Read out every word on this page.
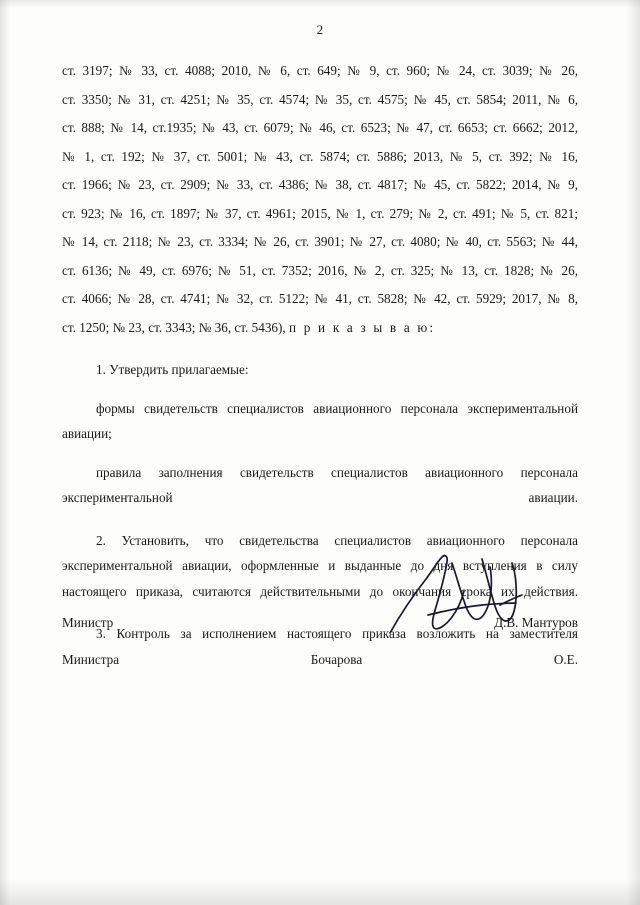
2

ст. 3197; № 33, ст. 4088; 2010, № 6, ст. 649; № 9, ст. 960; № 24, ст. 3039; № 26,

ст. 3350; № 31, ст. 4251; № 35, ст. 4574; № 35, ст. 4575; № 45, ст. 5854; 2011, № 6,

ст. 888; № 14, ст.1935; № 43, ст. 6079; № 46, ст. 6523; № 47, ст. 6653; ст. 6662; 2012,

№ 1, ст. 192; № 37, ст. 5001; № 43, ст. 5874; ст. 5886; 2013, № 5, ст. 392; № 16,

ст. 1966; № 23, ст. 2909; № 33, ст. 4386; № 38, ст. 4817; № 45, ст. 5822; 2014, № 9,

ст. 923; № 16, ст. 1897; № 37, ст. 4961; 2015, № 1, ст. 279; № 2, ст. 491; № 5, ст. 821;

№ 14, ст. 2118; № 23, ст. 3334; № 26, ст. 3901; № 27, ст. 4080; № 40, ст. 5563; № 44,

ст. 6136; № 49, ст. 6976; № 51, ст. 7352; 2016, № 2, ст. 325; № 13, ст. 1828; № 26,

ст. 4066; № 28, ст. 4741; № 32, ст. 5122; № 41, ст. 5828; № 42, ст. 5929; 2017, № 8,

ст. 1250; № 23, ст. 3343; № 36, ст. 5436), п р и к а з ы в а ю:

1. Утвердить прилагаемые:

формы свидетельств специалистов авиационного персонала экспериментальной авиации;

правила заполнения свидетельств специалистов авиационного персонала экспериментальной авиации.

2. Установить, что свидетельства специалистов авиационного персонала экспериментальной авиации, оформленные и выданные до дня вступления в силу настоящего приказа, считаются действительными до окончания срока их действия.

3. Контроль за исполнением настоящего приказа возложить на заместителя Министра Бочарова О.Е.

Министр	Д.В. Мантуров
